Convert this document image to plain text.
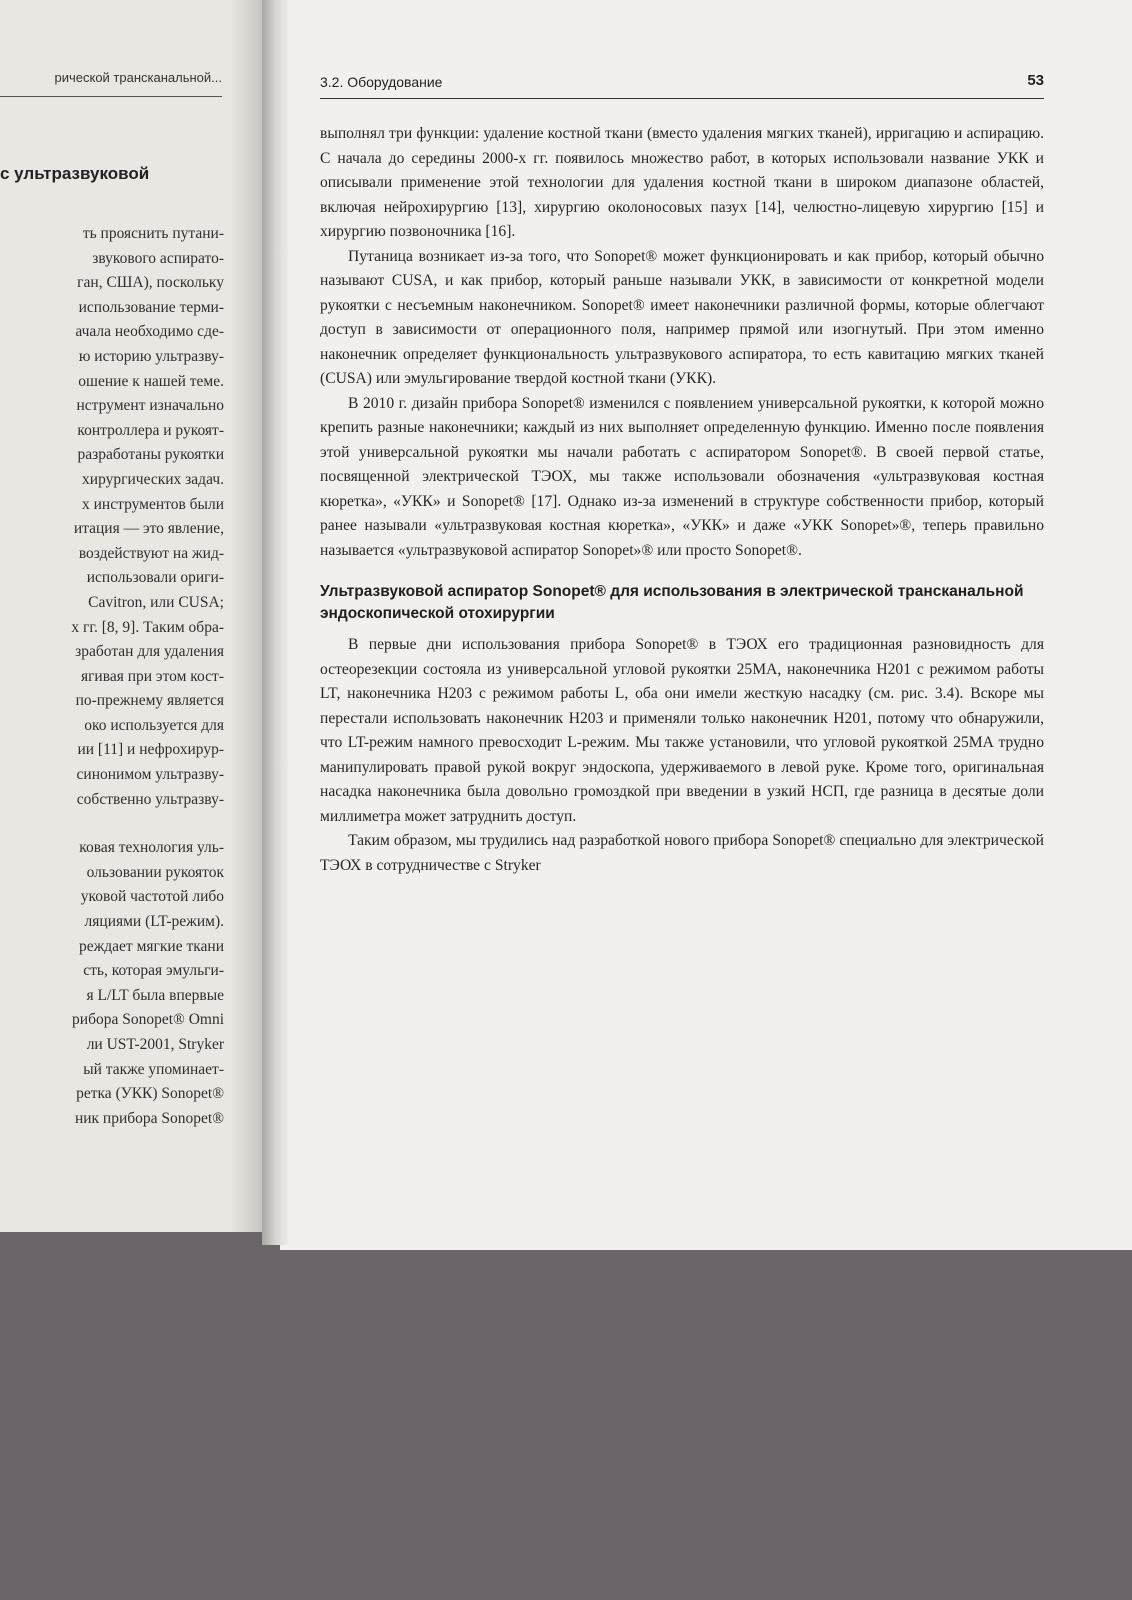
рической трансканальной...
с ультразвуковой
ть прояснить путани-
звукового аспирато-
ган, США), поскольку
использование терми-
ачала необходимо сде-
ю историю ультразву-
ошение к нашей теме.
нструмент изначально
контроллера и рукоят-
разработаны рукоятки
хирургических задач.
х инструментов были
итация — это явление,
воздействуют на жид-
использовали ориги-
Cavitron, или CUSA;
х гг. [8, 9]. Таким обра-
зработан для удаления
ягивая при этом кост-
по-прежнему является
око используется для
ии [11] и нефрохирур-
синонимом ультразву-
собственно ультразву-
ковая технология уль-
ользовании рукояток
уковой частотой либо
ляциями (LT-режим).
реждает мягкие ткани
сть, которая эмульги-
я L/LT была впервые
рибора Sonopet® Omni
ли UST-2001, Stryker
ый также упоминает-
ретка (УКК) Sonopet®
ник прибора Sonopet®
3.2. Оборудование	53

выполнял три функции: удаление костной ткани (вместо удаления мягких тканей), ирригацию и аспирацию. С начала до середины 2000-х гг. появилось множество работ, в которых использовали название УКК и описывали применение этой технологии для удаления костной ткани в широком диапазоне областей, включая нейрохирургию [13], хирургию околоносовых пазух [14], челюстно-лицевую хирургию [15] и хирургию позвоночника [16].

Путаница возникает из-за того, что Sonopet® может функционировать и как прибор, который обычно называют CUSA, и как прибор, который раньше называли УКК, в зависимости от конкретной модели рукоятки с несъемным наконечником. Sonopet® имеет наконечники различной формы, которые облегчают доступ в зависимости от операционного поля, например прямой или изогнутый. При этом именно наконечник определяет функциональность ультразвукового аспиратора, то есть кавитацию мягких тканей (CUSA) или эмульгирование твердой костной ткани (УКК).

В 2010 г. дизайн прибора Sonopet® изменился с появлением универсальной рукоятки, к которой можно крепить разные наконечники; каждый из них выполняет определенную функцию. Именно после появления этой универсальной рукоятки мы начали работать с аспиратором Sonopet®. В своей первой статье, посвященной электрической ТЭОХ, мы также использовали обозначения «ультразвуковая костная кюретка», «УКК» и Sonopet® [17]. Однако из-за изменений в структуре собственности прибор, который ранее называли «ультразвуковая костная кюретка», «УКК» и даже «УКК Sonopet»®, теперь правильно называется «ультразвуковой аспиратор Sonopet»® или просто Sonopet®.

Ультразвуковой аспиратор Sonopet® для использования в электрической трансканальной эндоскопической отохирургии

В первые дни использования прибора Sonopet® в ТЭОХ его традиционная разновидность для остеорезекции состояла из универсальной угловой рукоятки 25MA, наконечника H201 с режимом работы LT, наконечника H203 с режимом работы L, оба они имели жесткую насадку (см. рис. 3.4). Вскоре мы перестали использовать наконечник H203 и применяли только наконечник H201, потому что обнаружили, что LT-режим намного превосходит L-режим. Мы также установили, что угловой рукояткой 25MA трудно манипулировать правой рукой вокруг эндоскопа, удерживаемого в левой руке. Кроме того, оригинальная насадка наконечника была довольно громоздкой при введении в узкий НСП, где разница в десятые доли миллиметра может затруднить доступ.

Таким образом, мы трудились над разработкой нового прибора Sonopet® специально для электрической ТЭОХ в сотрудничестве с Stryker
